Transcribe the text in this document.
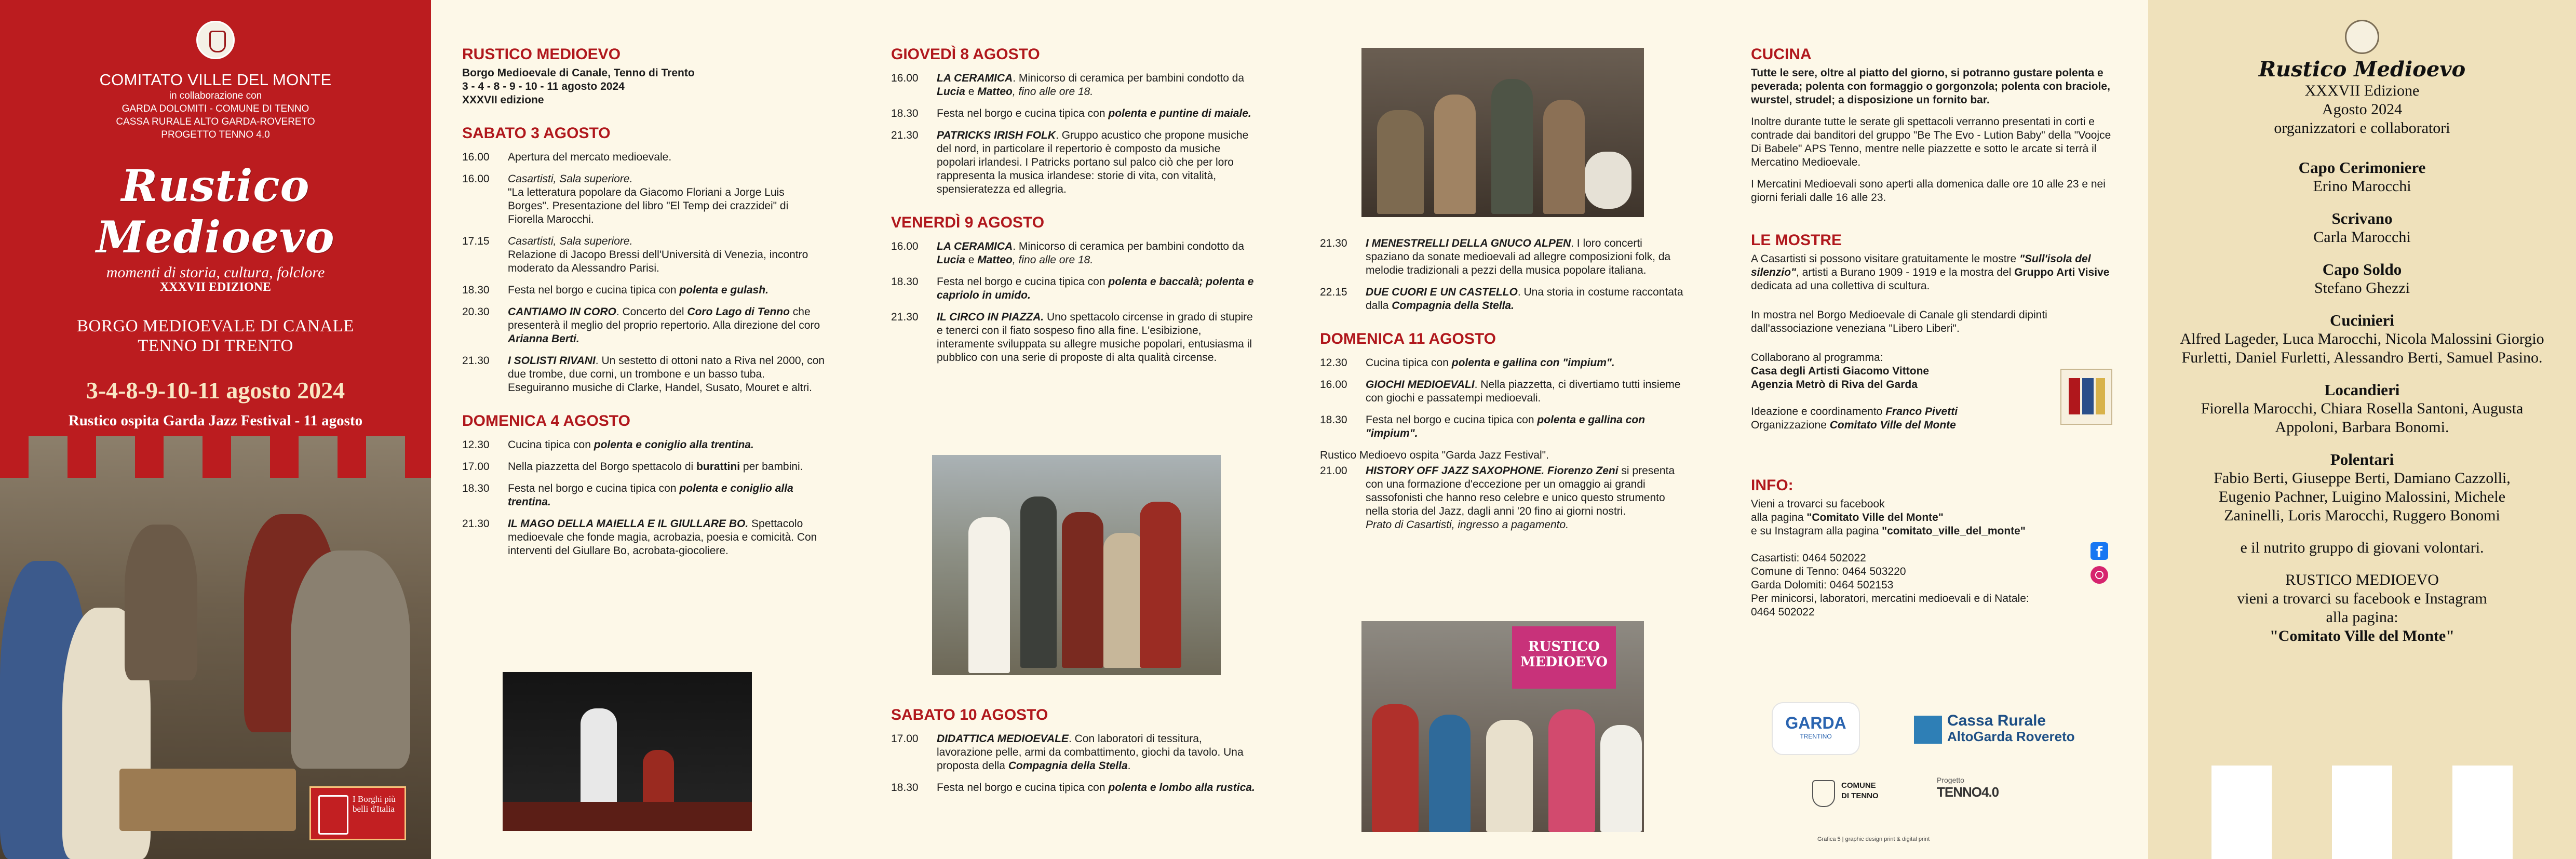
COMITATO VILLE DEL MONTE
in collaborazione con
GARDA DOLOMITI - COMUNE DI TENNO
CASSA RURALE ALTO GARDA-ROVERETO
PROGETTO TENNO 4.0
Rustico Medioevo
momenti di storia, cultura, folclore
XXXVII EDIZIONE
BORGO MEDIOEVALE DI CANALE
TENNO DI TRENTO
3-4-8-9-10-11 agosto 2024
Rustico ospita Garda Jazz Festival - 11 agosto
I Borghi più belli d'Italia
RUSTICO MEDIOEVO
Borgo Medioevale di Canale, Tenno di Trento
3 - 4 - 8 - 9 - 10 - 11 agosto 2024
XXXVII edizione
SABATO 3 AGOSTO
16.00	Apertura del mercato medioevale.
16.00	Casartisti, Sala superiore.
"La letteratura popolare da Giacomo Floriani a Jorge Luis Borges". Presentazione del libro "El Temp dei crazzidei" di Fiorella Marocchi.
17.15	Casartisti, Sala superiore.
Relazione di Jacopo Bressi dell'Università di Venezia, incontro moderato da Alessandro Parisi.
18.30	Festa nel borgo e cucina tipica con polenta e gulash.
20.30	CANTIAMO IN CORO. Concerto del Coro Lago di Tenno che presenterà il meglio del proprio repertorio. Alla direzione del coro Arianna Berti.
21.30	I SOLISTI RIVANI. Un sestetto di ottoni nato a Riva nel 2000, con due trombe, due corni, un trombone e un basso tuba. Eseguiranno musiche di Clarke, Handel, Susato, Mouret e altri.
DOMENICA 4 AGOSTO
12.30	Cucina tipica con polenta e coniglio alla trentina.
17.00	Nella piazzetta del Borgo spettacolo di burattini per bambini.
18.30	Festa nel borgo e cucina tipica con polenta e coniglio alla trentina.
21.30	IL MAGO DELLA MAIELLA E IL GIULLARE BO. Spettacolo medioevale che fonde magia, acrobazia, poesia e comicità. Con interventi del Giullare Bo, acrobata-giocoliere.
GIOVEDÌ 8 AGOSTO
16.00	LA CERAMICA. Minicorso di ceramica per bambini condotto da Lucia e Matteo, fino alle ore 18.
18.30	Festa nel borgo e cucina tipica con polenta e puntine di maiale.
21.30	PATRICKS IRISH FOLK. Gruppo acustico che propone musiche del nord, in particolare il repertorio è composto da musiche popolari irlandesi. I Patricks portano sul palco ciò che per loro rappresenta la musica irlandese: storie di vita, con vitalità, spensieratezza ed allegria.
VENERDÌ 9 AGOSTO
16.00	LA CERAMICA. Minicorso di ceramica per bambini condotto da Lucia e Matteo, fino alle ore 18.
18.30	Festa nel borgo e cucina tipica con polenta e baccalà; polenta e capriolo in umido.
21.30	IL CIRCO IN PIAZZA. Uno spettacolo circense in grado di stupire e tenerci con il fiato sospeso fino alla fine. L'esibizione, interamente sviluppata su allegre musiche popolari, entusiasma il pubblico con una serie di proposte di alta qualità circense.
SABATO 10 AGOSTO
17.00	DIDATTICA MEDIOEVALE. Con laboratori di tessitura, lavorazione pelle, armi da combattimento, giochi da tavolo. Una proposta della Compagnia della Stella.
18.30	Festa nel borgo e cucina tipica con polenta e lombo alla rustica.
21.30	I MENESTRELLI DELLA GNUCO ALPEN. I loro concerti spaziano da sonate medioevali ad allegre composizioni folk, da melodie tradizionali a pezzi della musica popolare italiana.
22.15	DUE CUORI E UN CASTELLO. Una storia in costume raccontata dalla Compagnia della Stella.
DOMENICA 11 AGOSTO
12.30	Cucina tipica con polenta e gallina con "impium".
16.00	GIOCHI MEDIOEVALI. Nella piazzetta, ci divertiamo tutti insieme con giochi e passatempi medioevali.
18.30	Festa nel borgo e cucina tipica con polenta e gallina con "impium".
Rustico Medioevo ospita "Garda Jazz Festival".
21.00	HISTORY OFF JAZZ SAXOPHONE. Fiorenzo Zeni si presenta con una formazione d'eccezione per un omaggio ai grandi sassofonisti che hanno reso celebre e unico questo strumento nella storia del Jazz, dagli anni '20 fino ai giorni nostri.
Prato di Casartisti, ingresso a pagamento.
RUSTICO MEDIOEVO
CUCINA
Tutte le sere, oltre al piatto del giorno, si potranno gustare polenta e peverada; polenta con formaggio o gorgonzola; polenta con braciole, wurstel, strudel; a disposizione un fornito bar.
Inoltre durante tutte le serate gli spettacoli verranno presentati in corti e contrade dai banditori del gruppo "Be The Evo - Lution Baby" della "Voojce Di Babele" APS Tenno, mentre nelle piazzette e sotto le arcate si terrà il Mercatino Medioevale.
I Mercatini Medioevali sono aperti alla domenica dalle ore 10 alle 23 e nei giorni feriali dalle 16 alle 23.
LE MOSTRE
A Casartisti si possono visitare gratuitamente le mostre "Sull'isola del silenzio", artisti a Burano 1909 - 1919 e la mostra del Gruppo Arti Visive dedicata ad una collettiva di scultura.
In mostra nel Borgo Medioevale di Canale gli stendardi dipinti dall'associazione veneziana "Libero Liberi".
Collaborano al programma:
Casa degli Artisti Giacomo Vittone
Agenzia Metrò di Riva del Garda
Ideazione e coordinamento Franco Pivetti
Organizzazione Comitato Ville del Monte
INFO:
Vieni a trovarci su facebook
alla pagina "Comitato Ville del Monte"
e su Instagram alla pagina "comitato_ville_del_monte"
Casartisti: 0464 502022
Comune di Tenno: 0464 503220
Garda Dolomiti: 0464 502153
Per minicorsi, laboratori, mercatini medioevali e di Natale:
0464 502022
f
GARDA
TRENTINO
Cassa Rurale
AltoGarda Rovereto
COMUNE
DI TENNO
Progetto
TENNO4.0
Grafica 5 | graphic design print & digital print
Rustico Medioevo
XXXVII Edizione
Agosto 2024
organizzatori e collaboratori
Capo Cerimoniere
Erino Marocchi
Scrivano
Carla Marocchi
Capo Soldo
Stefano Ghezzi
Cucinieri
Alfred Lageder, Luca Marocchi, Nicola Malossini Giorgio Furletti, Daniel Furletti, Alessandro Berti, Samuel Pasino.
Locandieri
Fiorella Marocchi, Chiara Rosella Santoni, Augusta Appoloni, Barbara Bonomi.
Polentari
Fabio Berti, Giuseppe Berti, Damiano Cazzolli, Eugenio Pachner, Luigino Malossini, Michele Zaninelli, Loris Marocchi, Ruggero Bonomi
e il nutrito gruppo di giovani volontari.
RUSTICO MEDIOEVO
vieni a trovarci su facebook e Instagram
alla pagina:
"Comitato Ville del Monte"
